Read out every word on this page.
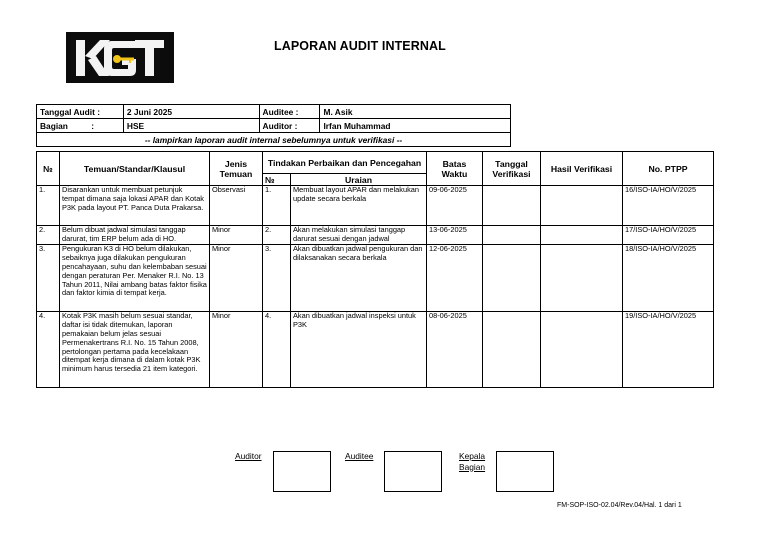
KGT
LAPORAN AUDIT INTERNAL
Tanggal Audit :	2 Juni 2025	Auditee :	M. Asik
Bagian          :	HSE	Auditor :	Irfan Muhammad
-- lampirkan laporan audit internal sebelumnya untuk verifikasi --			
№	Temuan/Standar/Klausul	Jenis Temuan	Tindakan Perbaikan dan Pencegahan		Batas Waktu	Tanggal Verifikasi	Hasil Verifikasi	No. PTPP
			№	Uraian				
1.	Disarankan untuk membuat petunjuk tempat dimana saja lokasi APAR dan Kotak P3K pada layout PT. Panca Duta Prakarsa.	Observasi	1.	Membuat layout APAR dan melakukan update secara berkala	09-06-2025			16/ISO-IA/HO/V/2025
2.	Belum dibuat jadwal simulasi tanggap darurat, tim ERP belum ada di HO.	Minor	2.	Akan melakukan simulasi tanggap darurat sesuai dengan jadwal	13-06-2025			17/ISO-IA/HO/V/2025
3.	Pengukuran K3 di HO belum dilakukan, sebaiknya juga dilakukan pengukuran pencahayaan, suhu dan kelembaban sesuai dengan peraturan Per. Menaker R.I. No. 13 Tahun 2011, Nilai ambang batas faktor fisika dan faktor kimia di tempat kerja.	Minor	3.	Akan dibuatkan jadwal pengukuran dan dilaksanakan secara berkala	12-06-2025			18/ISO-IA/HO/V/2025
4.	Kotak P3K masih belum sesuai standar, daftar isi tidak ditemukan, laporan pemakaian belum jelas sesuai Permenakertrans R.I. No. 15 Tahun 2008, pertolongan pertama pada kecelakaan ditempat kerja dimana di dalam kotak P3K minimum harus tersedia 21 item kategori.	Minor	4.	Akan dibuatkan jadwal inspeksi untuk P3K	08-06-2025			19/ISO-IA/HO/V/2025
Auditor	Auditee	Kepala
Bagian
FM-SOP-ISO-02.04/Rev.04/Hal. 1 dari 1
